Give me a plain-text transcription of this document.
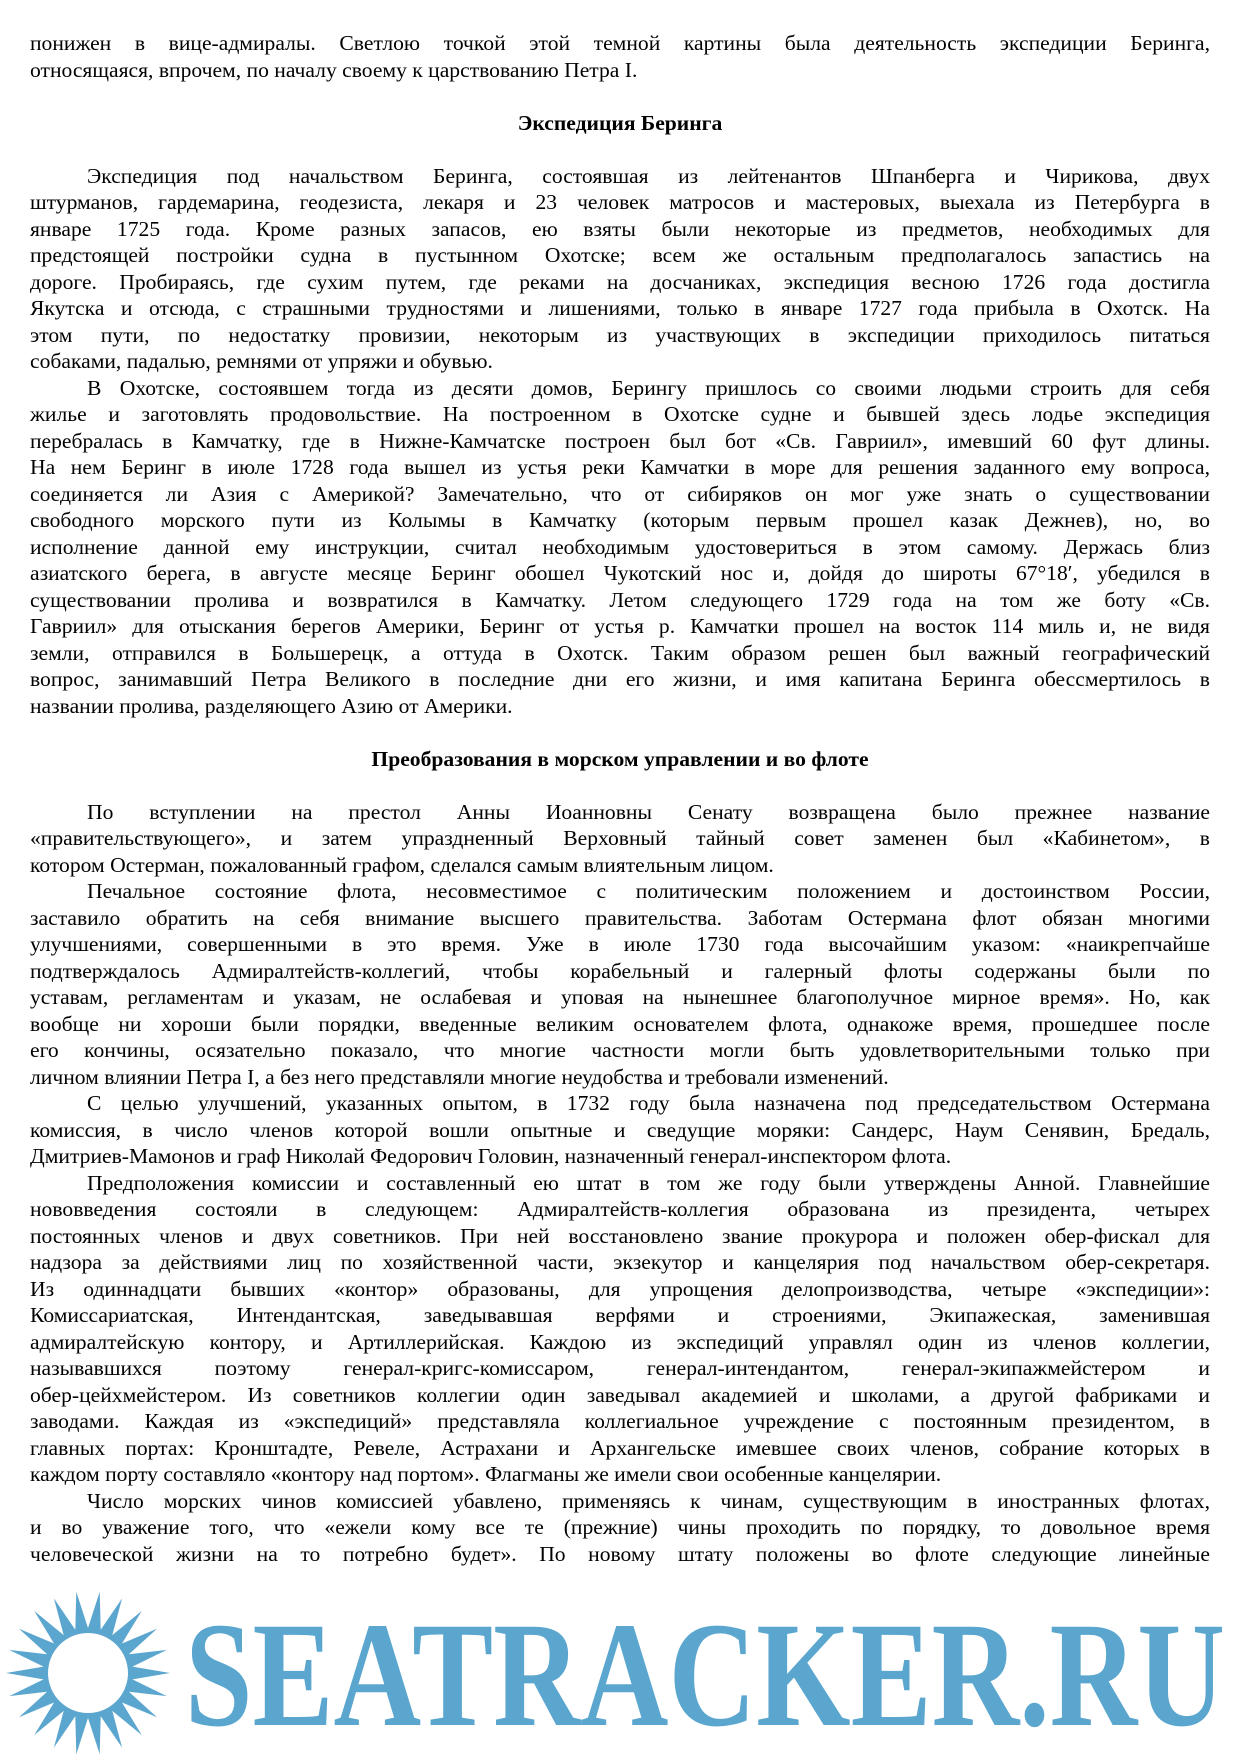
понижен в вице-адмиралы. Светлою точкой этой темной картины была деятельность экспедиции Беринга,
относящаяся, впрочем, по началу своему к царствованию Петра I.
Экспедиция Беринга
Экспедиция под начальством Беринга, состоявшая из лейтенантов Шпанберга и Чирикова, двух
штурманов, гардемарина, геодезиста, лекаря и 23 человек матросов и мастеровых, выехала из Петербурга в
январе 1725 года. Кроме разных запасов, ею взяты были некоторые из предметов, необходимых для
предстоящей постройки судна в пустынном Охотске; всем же остальным предполагалось запастись на
дороге. Пробираясь, где сухим путем, где реками на досчаниках, экспедиция весною 1726 года достигла
Якутска и отсюда, с страшными трудностями и лишениями, только в январе 1727 года прибыла в Охотск. На
этом пути, по недостатку провизии, некоторым из участвующих в экспедиции приходилось питаться
собаками, падалью, ремнями от упряжи и обувью.
В Охотске, состоявшем тогда из десяти домов, Берингу пришлось со своими людьми строить для себя
жилье и заготовлять продовольствие. На построенном в Охотске судне и бывшей здесь лодье экспедиция
перебралась в Камчатку, где в Нижне-Камчатске построен был бот «Св. Гавриил», имевший 60 фут длины.
На нем Беринг в июле 1728 года вышел из устья реки Камчатки в море для решения заданного ему вопроса,
соединяется ли Азия с Америкой? Замечательно, что от сибиряков он мог уже знать о существовании
свободного морского пути из Колымы в Камчатку (которым первым прошел казак Дежнев), но, во
исполнение данной ему инструкции, считал необходимым удостовериться в этом самому. Держась близ
азиатского берега, в августе месяце Беринг обошел Чукотский нос и, дойдя до широты 67°18′, убедился в
существовании пролива и возвратился в Камчатку. Летом следующего 1729 года на том же боту «Св.
Гавриил» для отыскания берегов Америки, Беринг от устья р. Камчатки прошел на восток 114 миль и, не видя
земли, отправился в Большерецк, а оттуда в Охотск. Таким образом решен был важный географический
вопрос, занимавший Петра Великого в последние дни его жизни, и имя капитана Беринга обессмертилось в
названии пролива, разделяющего Азию от Америки.
Преобразования в морском управлении и во флоте
По вступлении на престол Анны Иоанновны Сенату возвращена было прежнее название
«правительствующего», и затем упраздненный Верховный тайный совет заменен был «Кабинетом», в
котором Остерман, пожалованный графом, сделался самым влиятельным лицом.
Печальное состояние флота, несовместимое с политическим положением и достоинством России,
заставило обратить на себя внимание высшего правительства. Заботам Остермана флот обязан многими
улучшениями, совершенными в это время. Уже в июле 1730 года высочайшим указом: «наикрепчайше
подтверждалось Адмиралтейств-коллегий, чтобы корабельный и галерный флоты содержаны были по
уставам, регламентам и указам, не ослабевая и уповая на нынешнее благополучное мирное время». Но, как
вообще ни хороши были порядки, введенные великим основателем флота, однакоже время, прошедшее после
его кончины, осязательно показало, что многие частности могли быть удовлетворительными только при
личном влиянии Петра I, а без него представляли многие неудобства и требовали изменений.
С целью улучшений, указанных опытом, в 1732 году была назначена под председательством Остермана
комиссия, в число членов которой вошли опытные и сведущие моряки: Сандерс, Наум Сенявин, Бредаль,
Дмитриев-Мамонов и граф Николай Федорович Головин, назначенный генерал-инспектором флота.
Предположения комиссии и составленный ею штат в том же году были утверждены Анной. Главнейшие
нововведения состояли в следующем: Адмиралтейств-коллегия образована из президента, четырех
постоянных членов и двух советников. При ней восстановлено звание прокурора и положен обер-фискал для
надзора за действиями лиц по хозяйственной части, экзекутор и канцелярия под начальством обер-секретаря.
Из одиннадцати бывших «контор» образованы, для упрощения делопроизводства, четыре «экспедиции»:
Комиссариатская, Интендантская, заведывавшая верфями и строениями, Экипажеская, заменившая
адмиралтейскую контору, и Артиллерийская. Каждою из экспедиций управлял один из членов коллегии,
называвшихся поэтому генерал-кригс-комиссаром, генерал-интендантом, генерал-экипажмейстером и
обер-цейхмейстером. Из советников коллегии один заведывал академией и школами, а другой фабриками и
заводами. Каждая из «экспедиций» представляла коллегиальное учреждение с постоянным президентом, в
главных портах: Кронштадте, Ревеле, Астрахани и Архангельске имевшее своих членов, собрание которых в
каждом порту составляло «контору над портом». Флагманы же имели свои особенные канцелярии.
Число морских чинов комиссией убавлено, применяясь к чинам, существующим в иностранных флотах,
и во уважение того, что «ежели кому все те (прежние) чины проходить по порядку, то довольное время
человеческой жизни на то потребно будет». По новому штату положены во флоте следующие линейные
SEATRACKER.RU
